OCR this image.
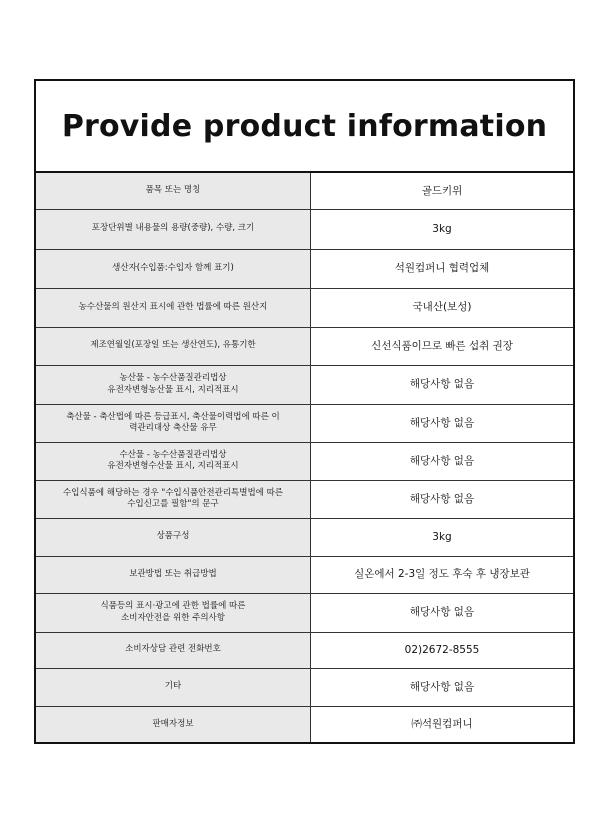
Provide product information
품목 또는 명칭	골드키위
포장단위별 내용물의 용량(중량), 수량, 크기	3kg
생산자(수입품:수입자 함께 표기)	석원컴퍼니 협력업체
농수산물의 원산지 표시에 관한 법률에 따른 원산지	국내산(보성)
제조연월일(포장일 또는 생산연도), 유통기한	신선식품이므로 빠른 섭취 권장
농산물 - 농수산품질관리법상
유전자변형농산물 표시, 지리적표시	해당사항 없음
축산물 - 축산법에 따른 등급표시, 축산물이력법에 따른 이
력관리대상 축산물 유무	해당사항 없음
수산물 - 농수산품질관리법상
유전자변형수산물 표시, 지리적표시	해당사항 없음
수입식품에 해당하는 경우 "수입식품안전관리특별법에 따른
수입신고를 필함"의 문구	해당사항 없음
상품구성	3kg
보관방법 또는 취급방법	실온에서 2-3일 정도 후숙 후 냉장보관
식품등의 표시·광고에 관한 법률에 따른
소비자안전을 위한 주의사항	해당사항 없음
소비자상담 관련 전화번호	02)2672-8555
기타	해당사항 없음
판매자정보	㈜석원컴퍼니
